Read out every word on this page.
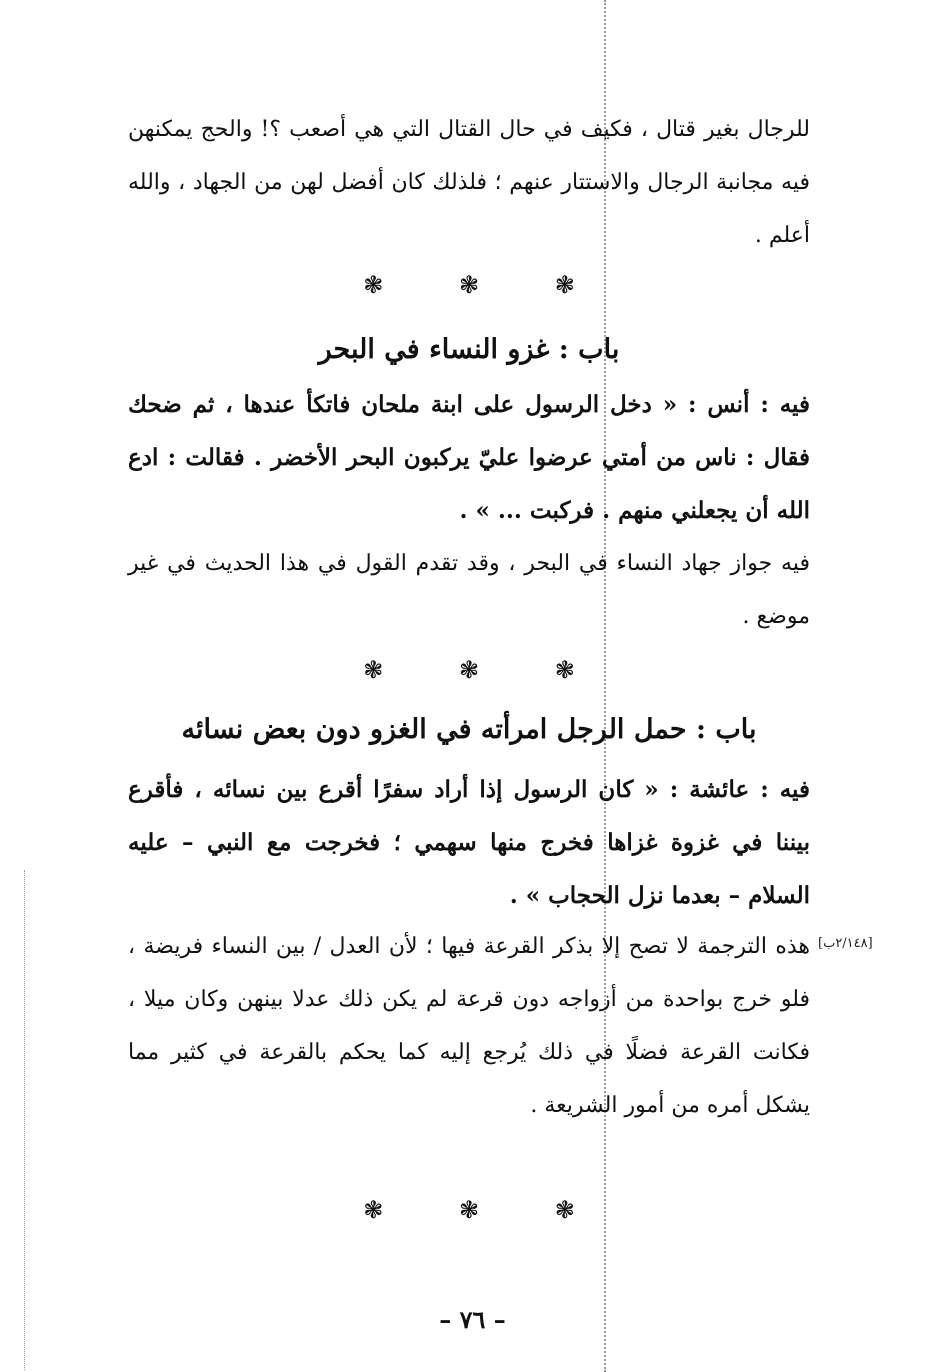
للرجال بغير قتال ، فكيف في حال القتال التي هي أصعب ؟! والحج يمكنهن فيه مجانبة الرجال والاستتار عنهم ؛ فلذلك كان أفضل لهن من الجهاد ، والله أعلم .

❃	❃	❃
باب : غزو النساء في البحر

فيه : أنس : « دخل الرسول على ابنة ملحان فاتكأ عندها ، ثم ضحك فقال : ناس من أمتي عرضوا عليّ يركبون البحر الأخضر . فقالت : ادع الله أن يجعلني منهم . فركبت ... » .

فيه جواز جهاد النساء في البحر ، وقد تقدم القول في هذا الحديث في غير موضع .

❃	❃	❃
باب : حمل الرجل امرأته في الغزو دون بعض نسائه

فيه : عائشة : « كان الرسول إذا أراد سفرًا أقرع بين نسائه ، فأقرع بيننا في غزوة غزاها فخرج منها سهمي ؛ فخرجت مع النبي – عليه السلام – بعدما نزل الحجاب » .

[٢/١٤٨ب]

هذه الترجمة لا تصح إلا بذكر القرعة فيها ؛ لأن العدل / بين النساء فريضة ، فلو خرج بواحدة من أزواجه دون قرعة لم يكن ذلك عدلا بينهن وكان ميلا ، فكانت القرعة فضلًا في ذلك يُرجع إليه كما يحكم بالقرعة في كثير مما يشكل أمره من أمور الشريعة .

❃	❃	❃
– ٧٦ –
